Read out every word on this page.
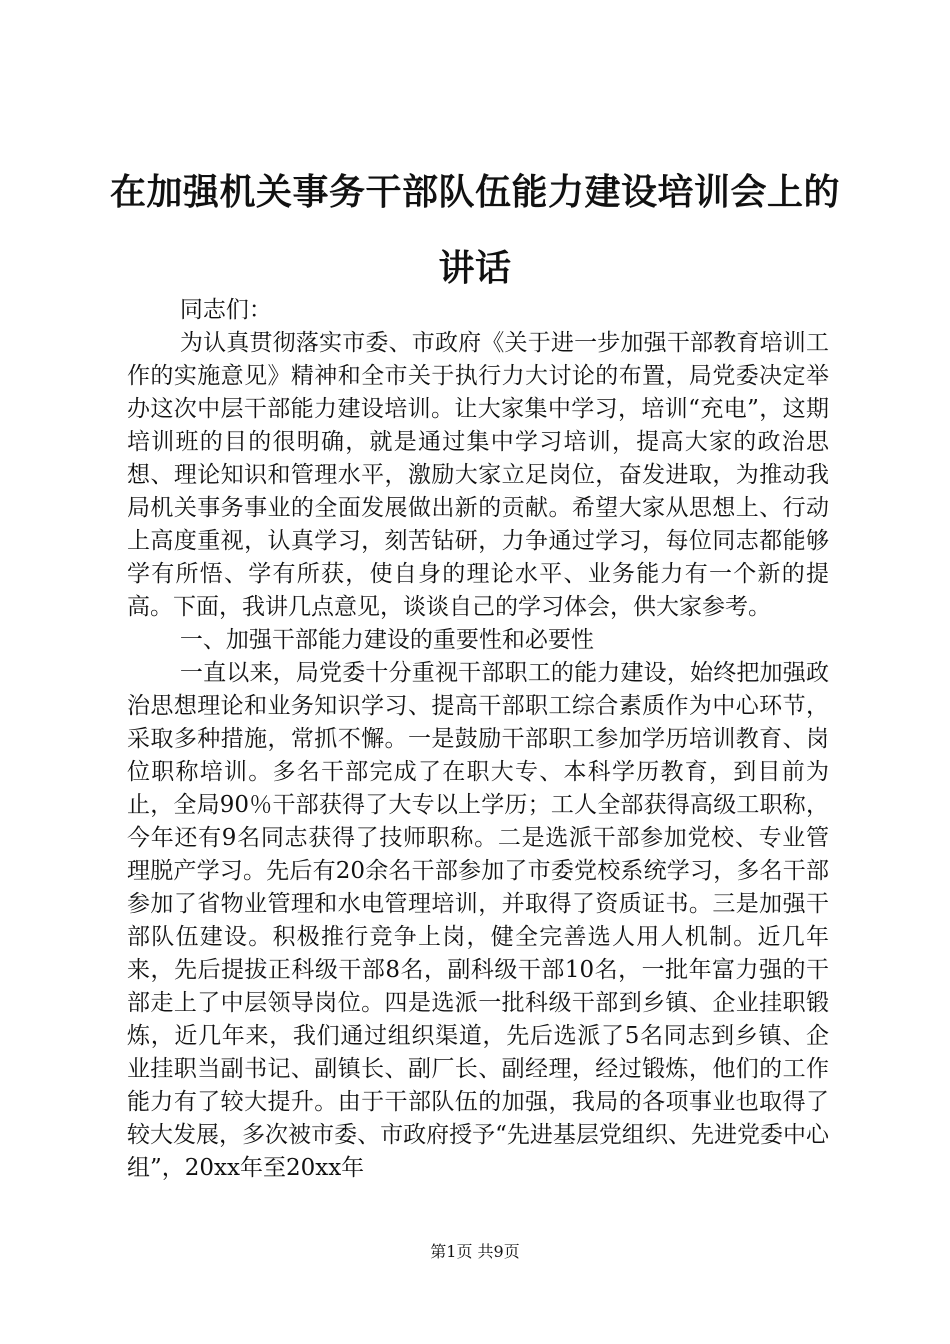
在加强机关事务干部队伍能力建设培训会上的
讲话

同志们：

为认真贯彻落实市委、市政府《关于进一步加强干部教育培训工作的实施意见》精神和全市关于执行力大讨论的布置，局党委决定举办这次中层干部能力建设培训。让大家集中学习，培训“充电”，这期培训班的目的很明确，就是通过集中学习培训，提高大家的政治思想、理论知识和管理水平，激励大家立足岗位，奋发进取，为推动我局机关事务事业的全面发展做出新的贡献。希望大家从思想上、行动上高度重视，认真学习，刻苦钻研，力争通过学习，每位同志都能够学有所悟、学有所获，使自身的理论水平、业务能力有一个新的提高。下面，我讲几点意见，谈谈自己的学习体会，供大家参考。

一、加强干部能力建设的重要性和必要性

一直以来，局党委十分重视干部职工的能力建设，始终把加强政治思想理论和业务知识学习、提高干部职工综合素质作为中心环节，采取多种措施，常抓不懈。一是鼓励干部职工参加学历培训教育、岗位职称培训。多名干部完成了在职大专、本科学历教育，到目前为止，全局90％干部获得了大专以上学历；工人全部获得高级工职称，今年还有9名同志获得了技师职称。二是选派干部参加党校、专业管理脱产学习。先后有20余名干部参加了市委党校系统学习，多名干部参加了省物业管理和水电管理培训，并取得了资质证书。三是加强干部队伍建设。积极推行竞争上岗，健全完善选人用人机制。近几年来，先后提拔正科级干部8名，副科级干部10名，一批年富力强的干部走上了中层领导岗位。四是选派一批科级干部到乡镇、企业挂职锻炼，近几年来，我们通过组织渠道，先后选派了5名同志到乡镇、企业挂职当副书记、副镇长、副厂长、副经理，经过锻炼，他们的工作能力有了较大提升。由于干部队伍的加强，我局的各项事业也取得了较大发展，多次被市委、市政府授予“先进基层党组织、先进党委中心组”，20xx年至20xx年

第1页 共9页
